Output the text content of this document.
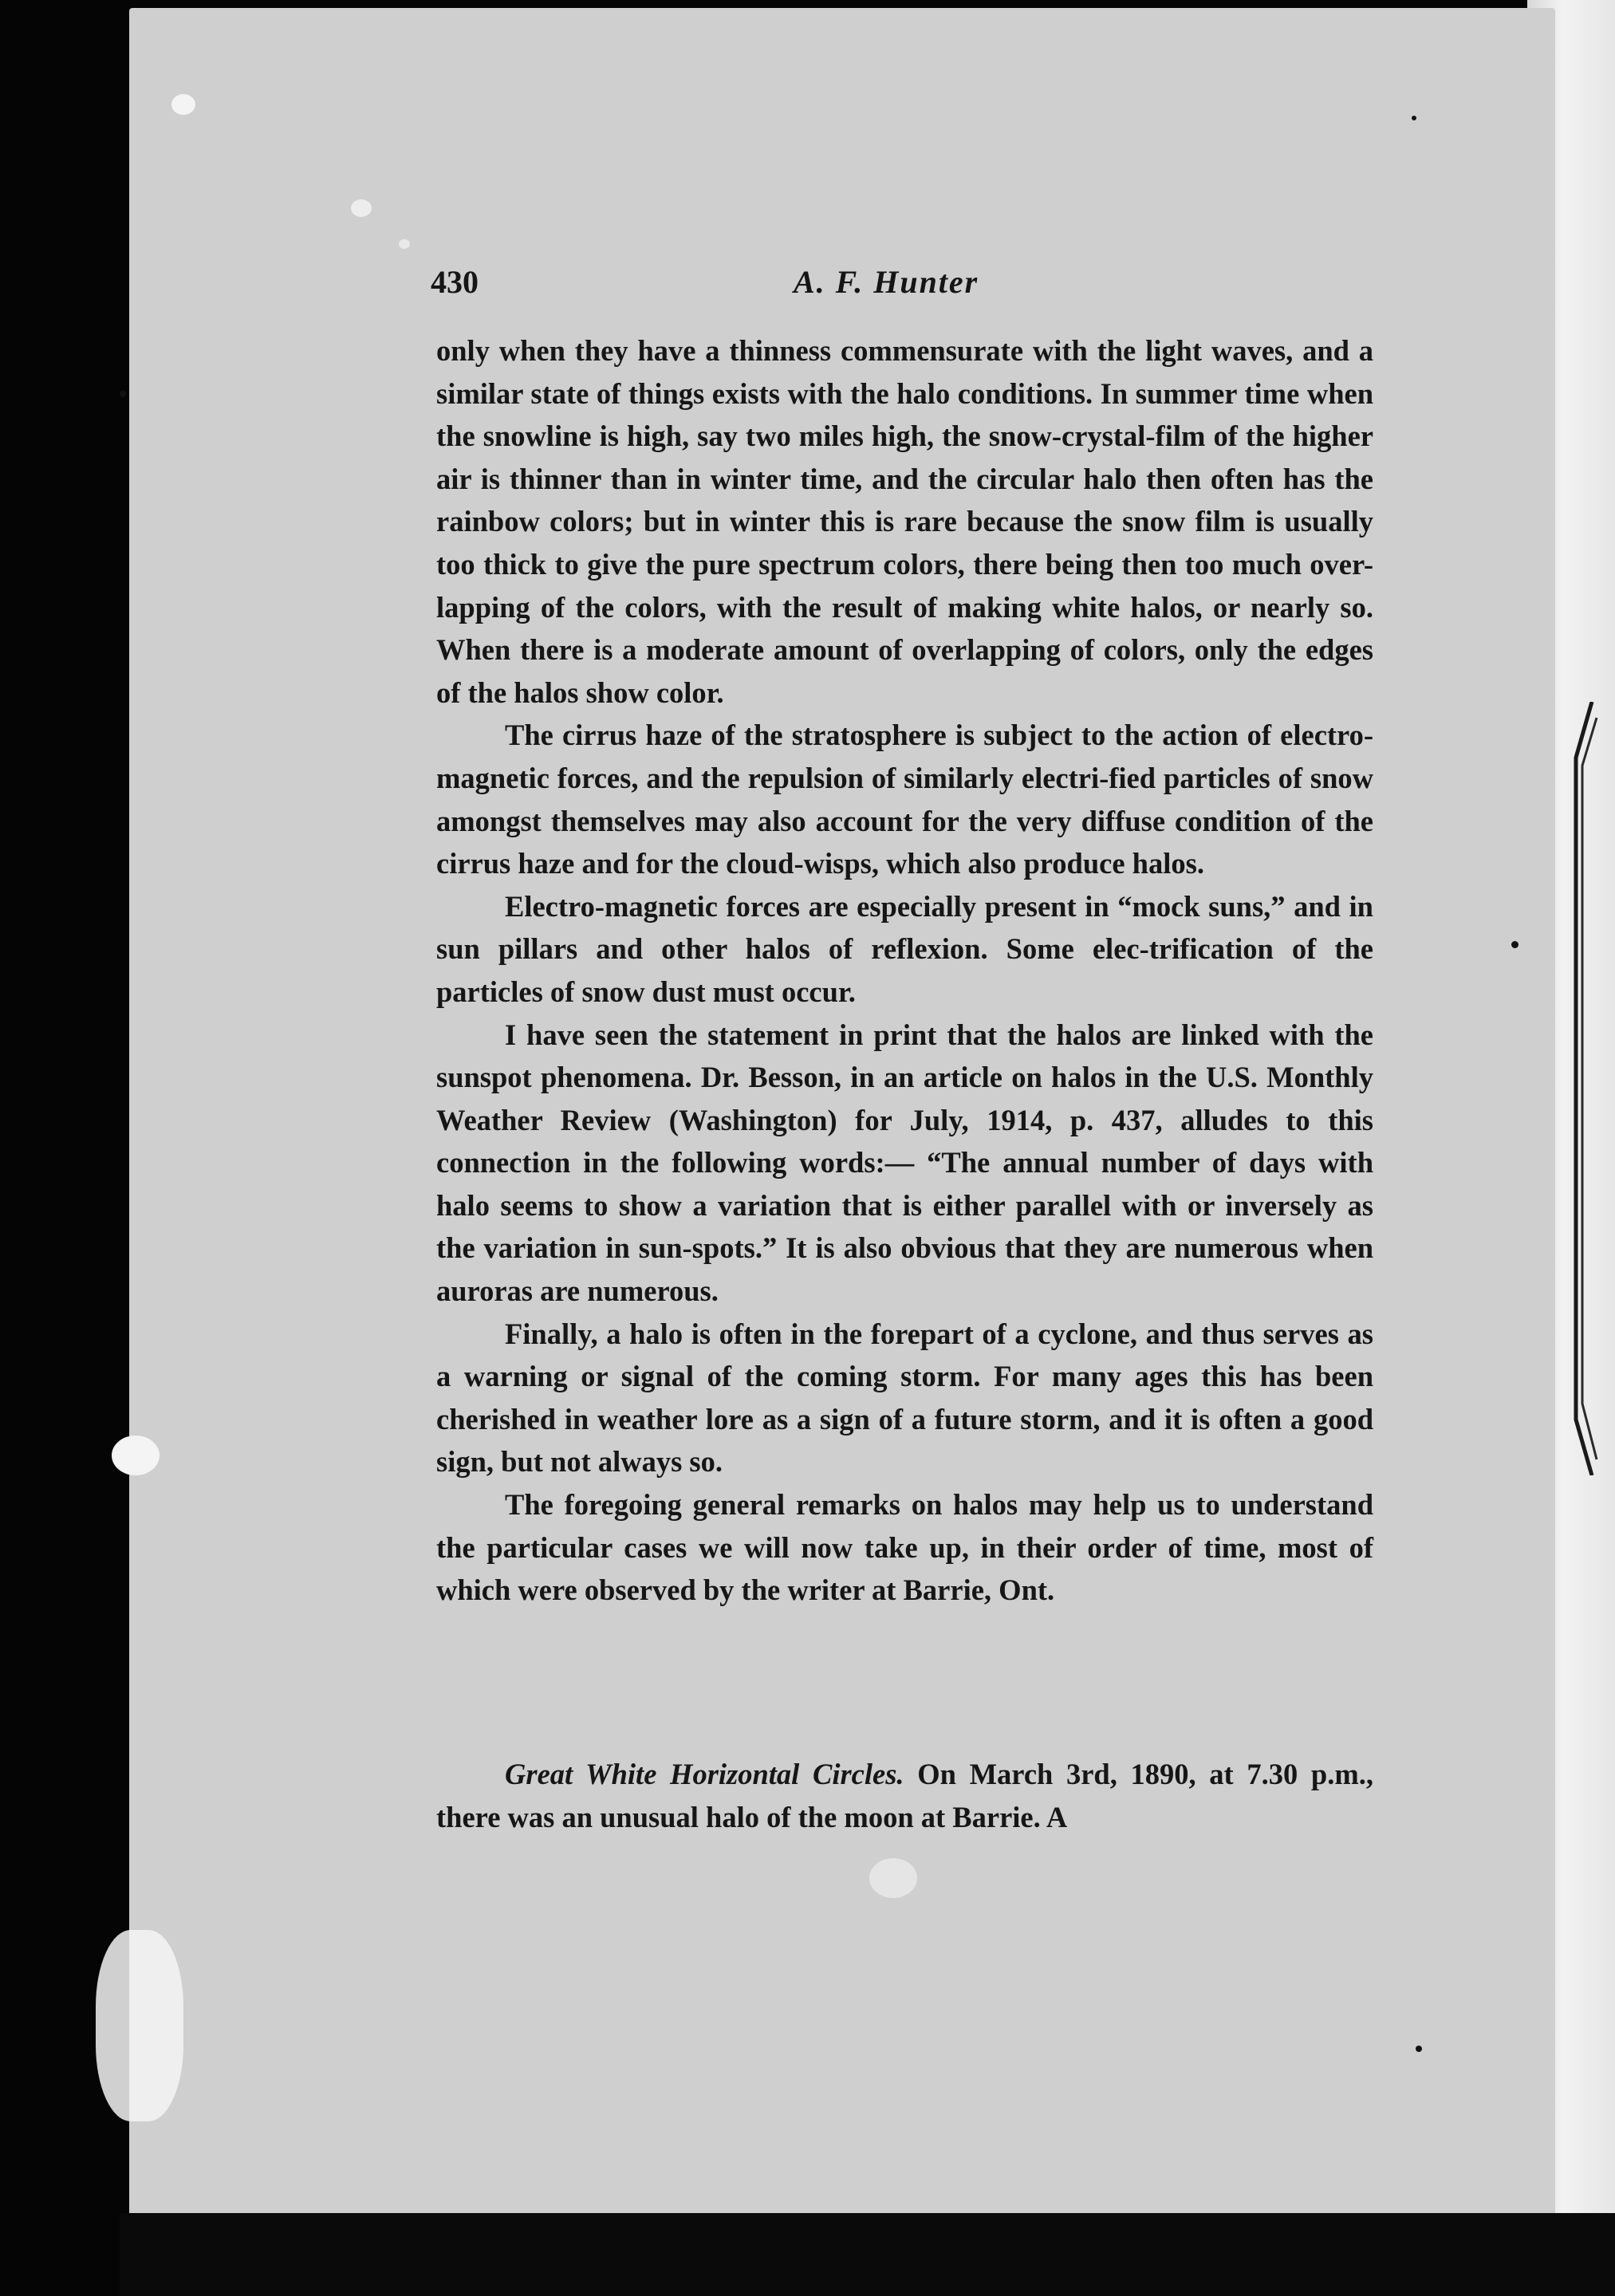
430	A. F. Hunter

only when they have a thinness commensurate with the light waves, and a similar state of things exists with the halo conditions. In summer time when the snowline is high, say two miles high, the snow-crystal-film of the higher air is thinner than in winter time, and the circular halo then often has the rainbow colors; but in winter this is rare because the snow film is usually too thick to give the pure spectrum colors, there being then too much over-lapping of the colors, with the result of making white halos, or nearly so. When there is a moderate amount of overlapping of colors, only the edges of the halos show color.

The cirrus haze of the stratosphere is subject to the action of electro-magnetic forces, and the repulsion of similarly electri-fied particles of snow amongst themselves may also account for the very diffuse condition of the cirrus haze and for the cloud-wisps, which also produce halos.

Electro-magnetic forces are especially present in “mock suns,” and in sun pillars and other halos of reflexion. Some elec-trification of the particles of snow dust must occur.

I have seen the statement in print that the halos are linked with the sunspot phenomena. Dr. Besson, in an article on halos in the U.S. Monthly Weather Review (Washington) for July, 1914, p. 437, alludes to this connection in the following words:— “The annual number of days with halo seems to show a variation that is either parallel with or inversely as the variation in sun-spots.” It is also obvious that they are numerous when auroras are numerous.

Finally, a halo is often in the forepart of a cyclone, and thus serves as a warning or signal of the coming storm. For many ages this has been cherished in weather lore as a sign of a future storm, and it is often a good sign, but not always so.

The foregoing general remarks on halos may help us to understand the particular cases we will now take up, in their order of time, most of which were observed by the writer at Barrie, Ont.

Great White Horizontal Circles. On March 3rd, 1890, at 7.30 p.m., there was an unusual halo of the moon at Barrie. A
